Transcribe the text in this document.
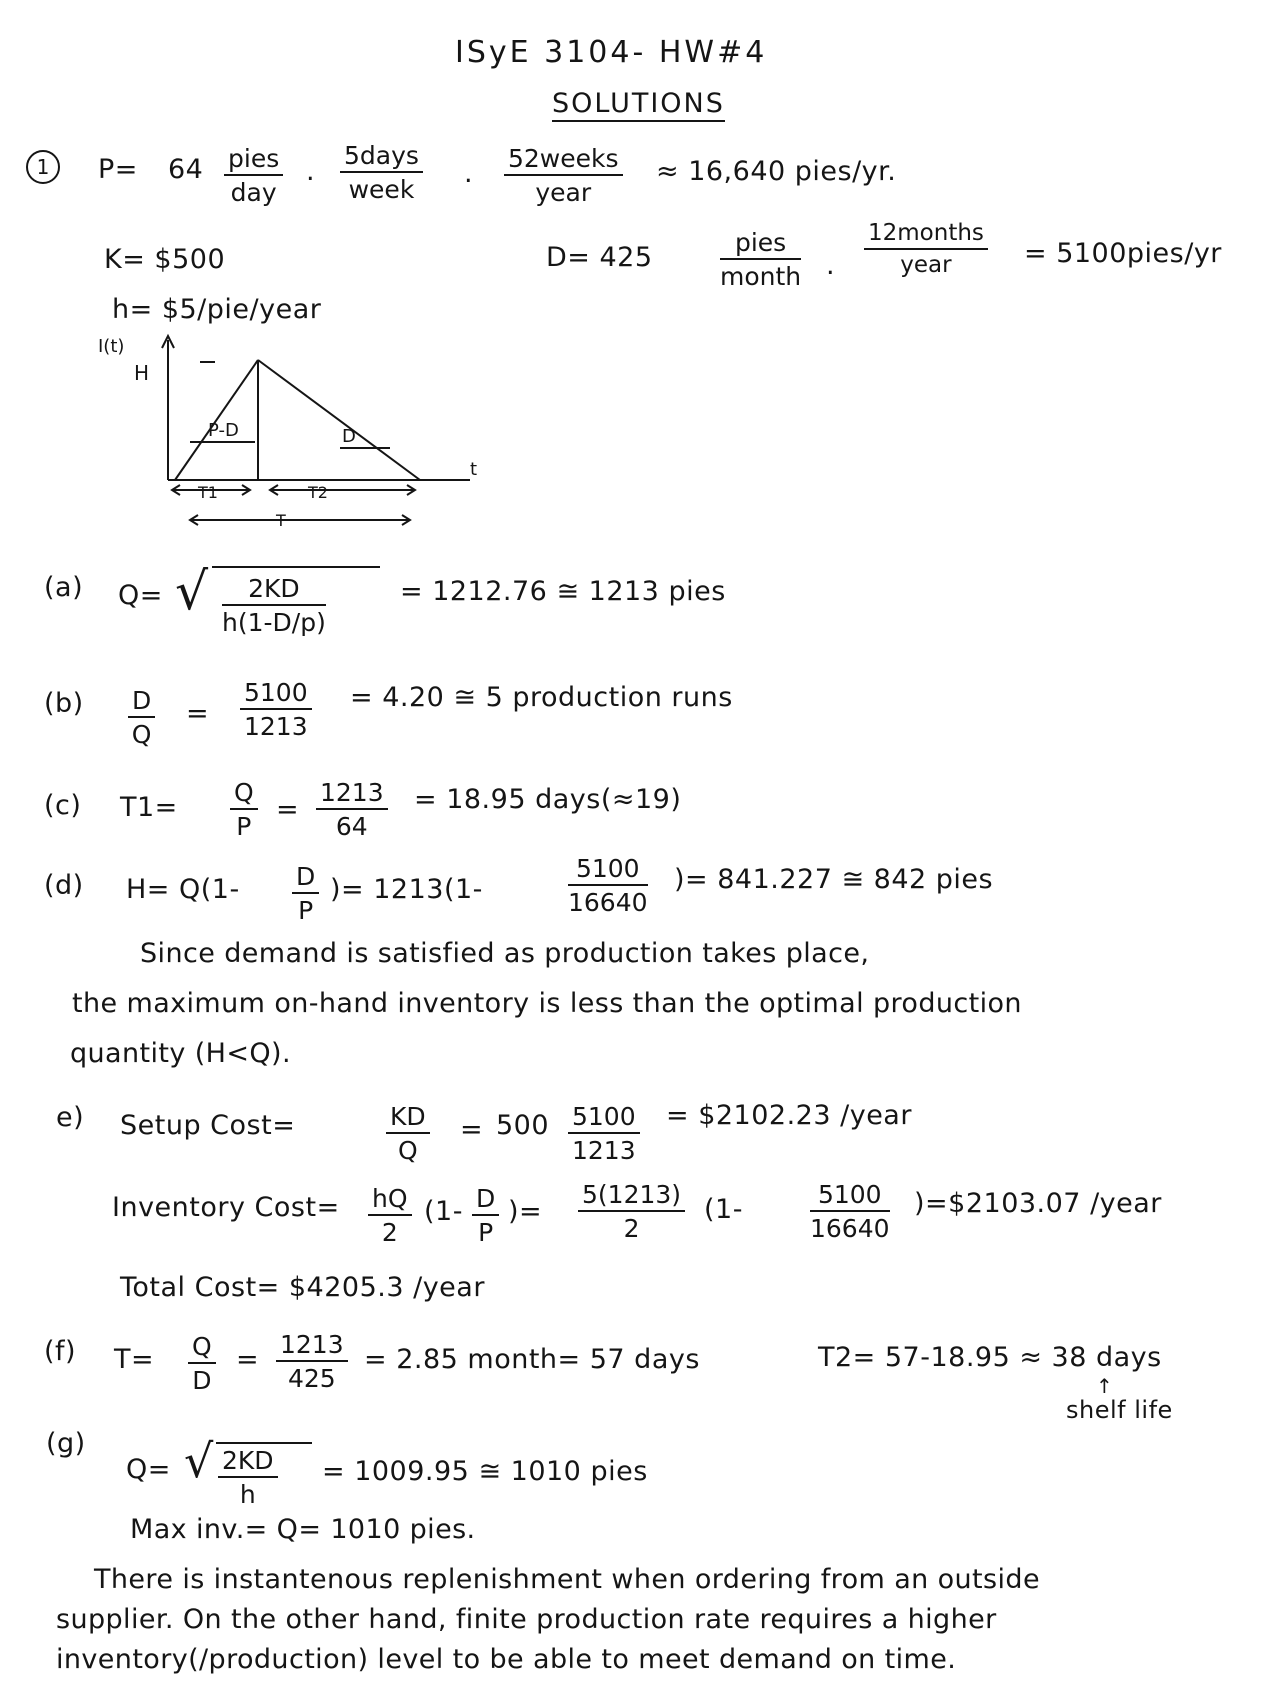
ISyE 3104- HW#4
SOLUTIONS
1	P= 64 pies
day
.
5days
week
. 52weeks
year
≈ 16,640 pies/yr.
K= $500
h= $5/pie/year
D= 425	pies
month .
12months
year	= 5100pies/yr
I(t)
H
P-D	D
t
T1	T2
T
(a) Q= √ $\frac{2KD}{h(1-D/p)}$	= 1212.76 ≅ 1213 pies
$(b) \frac{D}{Q} = \frac{5100}{1213} = 4.20$ ≅ 5 production runs
(c) $T1= \frac{Q}{P} = \frac{1213}{64} = 18.95$ days(≈19)
(d) $H= Q(1- \frac{D}{P}$ )= 1213(1-	$\frac{5100}{16640}$ )= 841.227 ≅ 842 pies
Since demand is satisfied as production takes place,
the maximum on-hand inventory is less than the optimal production
quantity (H<Q).
e) Setup Cost=	$\frac{KD}{Q} = 500 \frac{5100}{1213}$ = $2102.23 /year
Inventory Cost= $\frac{hQ}{2} (1- \frac{D}{P}$ )= $\frac{5(1213)}{2} (1-$	$\frac{5100}{16640}$ )=$2103.07 /year
Total Cost= $4205.3 /year
(f) $T= \frac{Q}{D} = \frac{1213}{425} = 2.85$ month= 57 days	T2= 57-18.95 ≈ 38 days
↑
shelf life
(g)
Q= √ $\frac{2KD}{h} = 1009.95$ ≅ 1010 pies
Max inv.= Q= 1010 pies.
There is instantenous replenishment when ordering from an outside
supplier. On the other hand, finite production rate requires a higher
inventory(/production) level to be able to meet demand on time.
